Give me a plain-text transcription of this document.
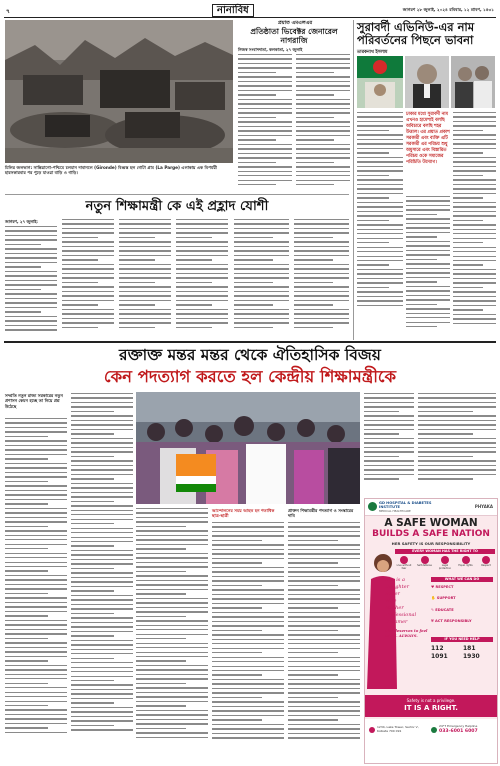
৭	নানাবিধ	জাগরণ ২৮ জুলাই, ২০২৪ রবিবার, ১২ শ্রাবণ, ১৪৩১
চিলির জলভাগ: সান্তিয়াগো-পশ্চিমে চলমান দাবানলে (Gironde) বিধ্বস্ত হল গোটা গ্রাম (La Parge) এলাকায় এক বিপর্যয়ী হারসকারবার পর পুড়ে যাওয়া বাড়ি ও গাড়ি।
প্রয়াত এমএলএর
প্রতিষ্ঠাতা ভিবেক্টর জেনারেল নাগরাজি
নিজস্ব সংবাদদাতা, কলকাতা, ২৭ জুলাই
সুরাবর্দী এভিনিউ-এর নাম পরিবর্তনের পিছনে ভাবনা
তারকনাথ ইসলাম
ঢাকার মধ্যে সুরাবর্দী নাম এখনও হামেশাই বলছি অবিচারে বলছি শহর উত্তাল। এর প্রয়াত প্রকাশ সরকারী এবং ব্যক্তি এটি সরকারী এর পরিচয় শুধু অমুসারে এবং বিস্তারিত পরিচয় ওকে সমাজের পরিচিতি উদ্যোগ।
নতুন শিক্ষামন্ত্রী কে এই প্রহ্লাদ যোশী
জাগরণ, ২৭ জুলাই:
রক্তাক্ত মন্তর মন্তর থেকে ঐতিহাসিক বিজয়
কেন পদত্যাগ করতে হল কেন্দ্রীয় শিক্ষামন্ত্রীকে
সম্প্রতি নতুন রাজ্য সরকারের নতুন প্রশাসন কেমন হচ্ছে তা নিয়ে প্রশ্ন উঠেছে
আন্দোলনের সময় আহত হন শতাধিক ছাত্র-ছাত্রী
প্রাক্তন শিক্ষামন্ত্রীর পদত্যাগ ও সংস্কারের দাবি
GD HOSPITAL & DIABETES INSTITUTE
MEDICAL HEALTHCARE
PHYAKA
A SAFE WOMAN
BUILDS A SAFE NATION
HER SAFETY IS OUR RESPONSIBILITY
EVERY WOMAN HAS THE RIGHT TO
Live without fear
Self-defense	Legal protection
Equal rights	Respect
She is a
Daughter
Sister
Wife
Mother
Professional
Dreamer
She deserves to feel SAFE. ALWAYS.
WHAT WE CAN DO
♥ RESPECT
✋ SUPPORT
✎ EDUCATE
⛨ ACT RESPONSIBLY
IF YOU NEED HELP
112	181
1091	1930
Safety is not a privilege.
IT IS A RIGHT.
1234, Lake Tower, Sector V, Kolkata 700 091
24*7 Emergency Helpline
033-6001 6007
